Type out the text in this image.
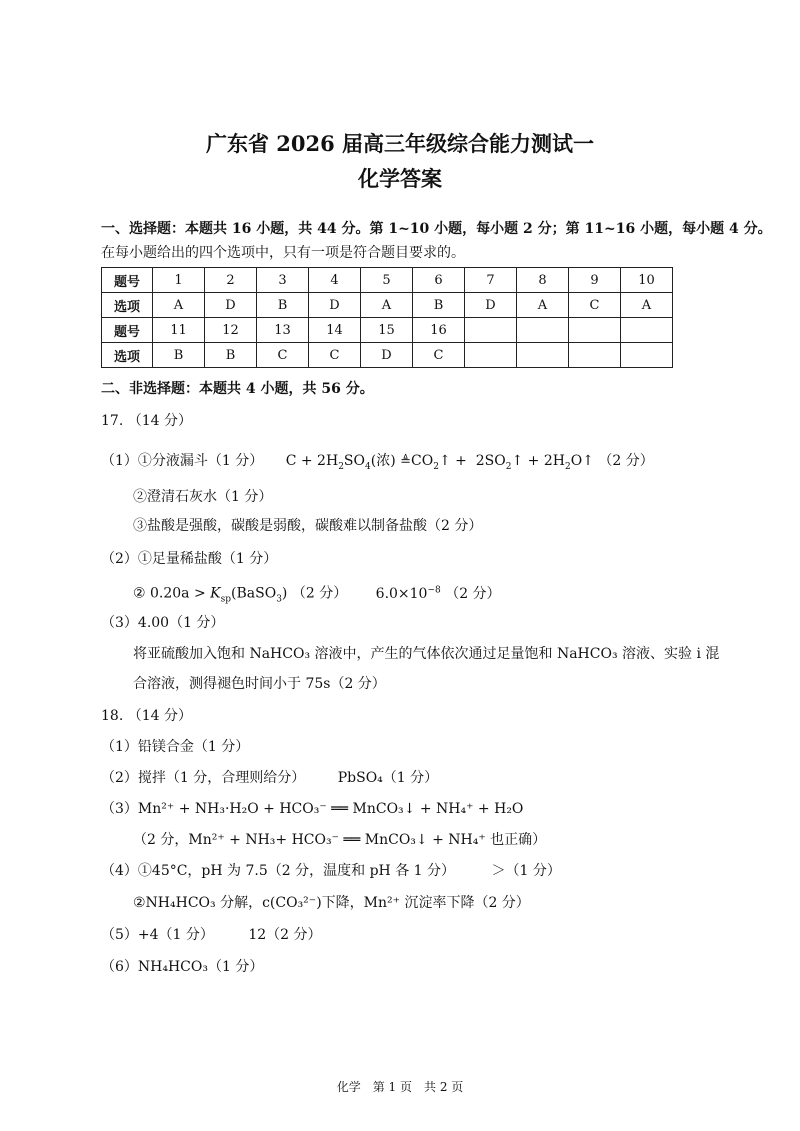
广东省 2026 届高三年级综合能力测试一
化学答案
一、选择题：本题共 16 小题，共 44 分。第 1~10 小题，每小题 2 分；第 11~16 小题，每小题 4 分。
在每小题给出的四个选项中，只有一项是符合题目要求的。
题号	1	2	3	4	5	6	7	8	9	10
选项	A	D	B	D	A	B	D	A	C	A
题号	11	12	13	14	15	16				
选项	B	B	C	C	D	C				
二、非选择题：本题共 4 小题，共 56 分。
17. （14 分）
（1）①分液漏斗（1 分） $C + 2H_2SO_4$(浓) $≜CO_2↑$ +  $2SO_2↑$ + $2H_2O↑$ （2 分）
②澄清石灰水（1 分）
③盐酸是强酸，碳酸是弱酸，碳酸难以制备盐酸（2 分）
（2）①足量稀盐酸（1 分）
② $0.20a > K_{sp}(BaSO_3)$ （2 分） $6.0\times 10^{-8}$ （2 分）
（3）4.00（1 分）
将亚硫酸加入饱和 NaHCO₃ 溶液中，产生的气体依次通过足量饱和 NaHCO₃ 溶液、实验 i 混
合溶液，测得褪色时间小于 75s（2 分）
18. （14 分）
（1）铅镁合金（1 分）
（2）搅拌（1 分，合理则给分） PbSO₄（1 分）
（3）Mn²⁺ + NH₃·H₂O + HCO₃⁻ ══ MnCO₃↓ + NH₄⁺ + H₂O
（2 分，Mn²⁺ + NH₃+ HCO₃⁻ ══ MnCO₃↓ + NH₄⁺ 也正确）
（4）①45°C，pH 为 7.5（2 分，温度和 pH 各 1 分）	＞（1 分）
②NH₄HCO₃ 分解，c(CO₃²⁻)下降，Mn²⁺ 沉淀率下降（2 分）
（5）+4（1 分） 12（2 分）
（6）NH₄HCO₃（1 分）
化学　第 1 页　共 2 页
